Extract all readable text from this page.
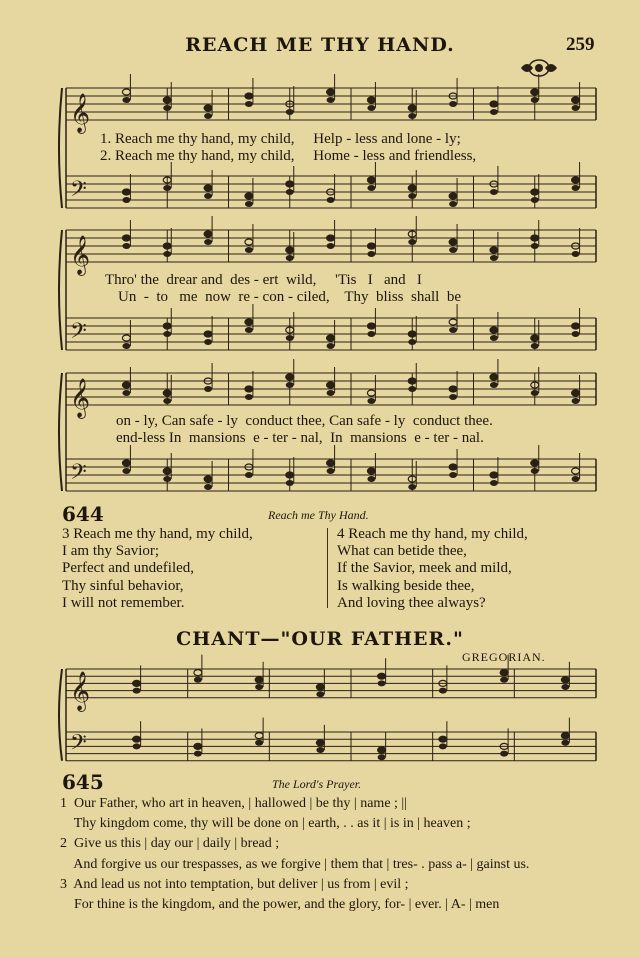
REACH ME THY HAND.	259
𝄞
𝄢
𝄞
𝄢
𝄞
𝄢
𝄞
𝄢
1. Reach me thy hand, my child,     Help - less and lone - ly;
2. Reach me thy hand, my child,     Home - less and friendless,
Thro' the  drear and  des - ert  wild,     'Tis   I   and   I
Un  -  to   me  now  re - con - ciled,    Thy  bliss  shall  be
on - ly, Can safe - ly  conduct thee, Can safe - ly  conduct thee.
end-less In  mansions  e - ter - nal,  In  mansions  e - ter - nal.
644	Reach me Thy Hand.
3 Reach me thy hand, my child,
I am thy Savior;
Perfect and undefiled,
Thy sinful behavior,
I will not remember.
4 Reach me thy hand, my child,
What can betide thee,
If the Savior, meek and mild,
Is walking beside thee,
And loving thee always?
CHANT—"OUR FATHER."
GREGORIAN.
645	The Lord's Prayer.
1  Our Father, who art in heaven, | hallowed | be thy | name ; ||
Thy kingdom come, thy will be done on | earth, . . as it | is in | heaven ;
2  Give us this | day our | daily | bread ;
And forgive us our trespasses, as we forgive | them that | tres- . pass a- | gainst us.
3  And lead us not into temptation, but deliver | us from | evil ;
For thine is the kingdom, and the power, and the glory, for- | ever. | A- | men
